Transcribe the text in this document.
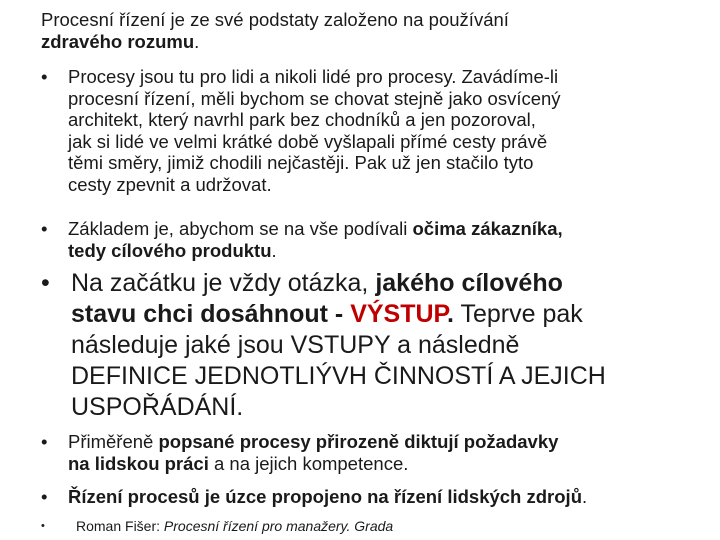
Procesní řízení je ze své podstaty založeno na používání
zdravého rozumu.
• Procesy jsou tu pro lidi a nikoli lidé pro procesy. Zavádíme-li
procesní řízení, měli bychom se chovat stejně jako osvícený
architekt, který navrhl park bez chodníků a jen pozoroval,
jak si lidé ve velmi krátké době vyšlapali přímé cesty právě
těmi směry, jimiž chodili nejčastěji. Pak už jen stačilo tyto
cesty zpevnit a udržovat.
• Základem je, abychom se na vše podívali očima zákazníka,
tedy cílového produktu.
• Na začátku je vždy otázka, jakého cílového
stavu chci dosáhnout - VÝSTUP. Teprve pak
následuje jaké jsou VSTUPY a následně
DEFINICE JEDNOTLIÝVH ČINNOSTÍ A JEJICH
USPOŘÁDÁNÍ.
• Přiměřeně popsané procesy přirozeně diktují požadavky
na lidskou práci a na jejich kompetence.
• Řízení procesů je úzce propojeno na řízení lidských zdrojů.
• Roman Fišer: Procesní řízení pro manažery. Grada
